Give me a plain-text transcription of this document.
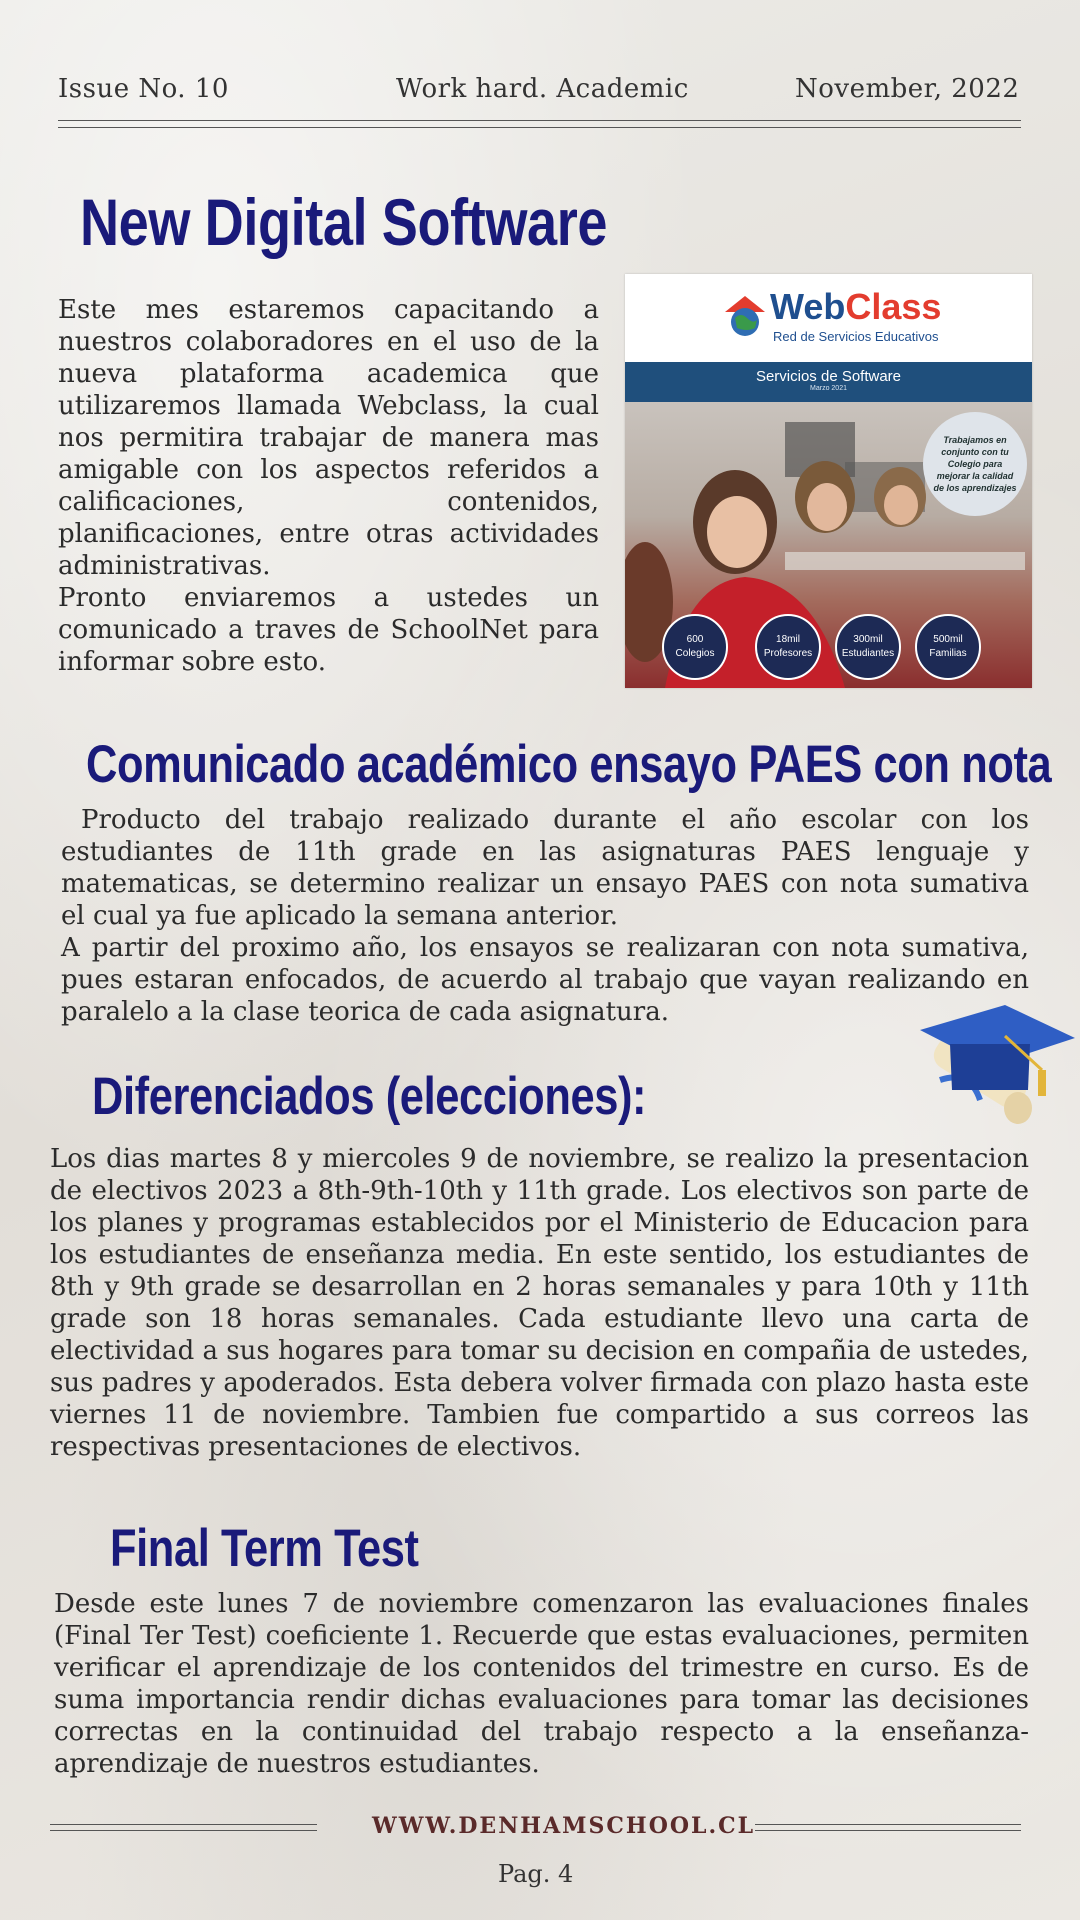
Issue No. 10	Work hard. Academic	November, 2022
New Digital Software

Este mes estaremos capacitando a nuestros colaboradores en el uso de la nueva plataforma academica que utilizaremos llamada Webclass, la cual nos permitira trabajar de manera mas amigable con los aspectos referidos a calificaciones, contenidos, planificaciones, entre otras actividades administrativas.

Pronto enviaremos a ustedes un comunicado a traves de SchoolNet para informar sobre esto.

WebClass
Red de Servicios Educativos
Servicios de Software
Marzo 2021
Trabajamos en conjunto con tu Colegio para mejorar la calidad de los aprendizajes
600
Colegios
18mil
Profesores
300mil
Estudiantes
500mil
Familias
Comunicado académico ensayo PAES con nota

Producto del trabajo realizado durante el año escolar con los estudiantes de 11th grade en las asignaturas PAES lenguaje y matematicas, se determino realizar un ensayo PAES con nota sumativa el cual ya fue aplicado la semana anterior.

A partir del proximo año, los ensayos se realizaran con nota sumativa, pues estaran enfocados, de acuerdo al trabajo que vayan realizando en paralelo a la clase teorica de cada asignatura.

Diferenciados (elecciones):

Los dias martes 8 y miercoles 9 de noviembre, se realizo la presentacion de electivos 2023 a 8th-9th-10th y 11th grade. Los electivos son parte de los planes y programas establecidos por el Ministerio de Educacion para los estudiantes de enseñanza media. En este sentido, los estudiantes de 8th y 9th grade se desarrollan en 2 horas semanales y para 10th y 11th grade son 18 horas semanales. Cada estudiante llevo una carta de electividad a sus hogares para tomar su decision en compañia de ustedes, sus padres y apoderados. Esta debera volver firmada con plazo hasta este viernes 11 de noviembre. Tambien fue compartido a sus correos las respectivas presentaciones de electivos.

Final Term Test

Desde este lunes 7 de noviembre comenzaron las evaluaciones finales (Final Ter Test) coeficiente 1. Recuerde que estas evaluaciones, permiten verificar el aprendizaje de los contenidos del trimestre en curso. Es de suma importancia rendir dichas evaluaciones para tomar las decisiones correctas en la continuidad del trabajo respecto a la enseñanza-aprendizaje de nuestros estudiantes.

WWW.DENHAMSCHOOL.CL
Pag. 4
